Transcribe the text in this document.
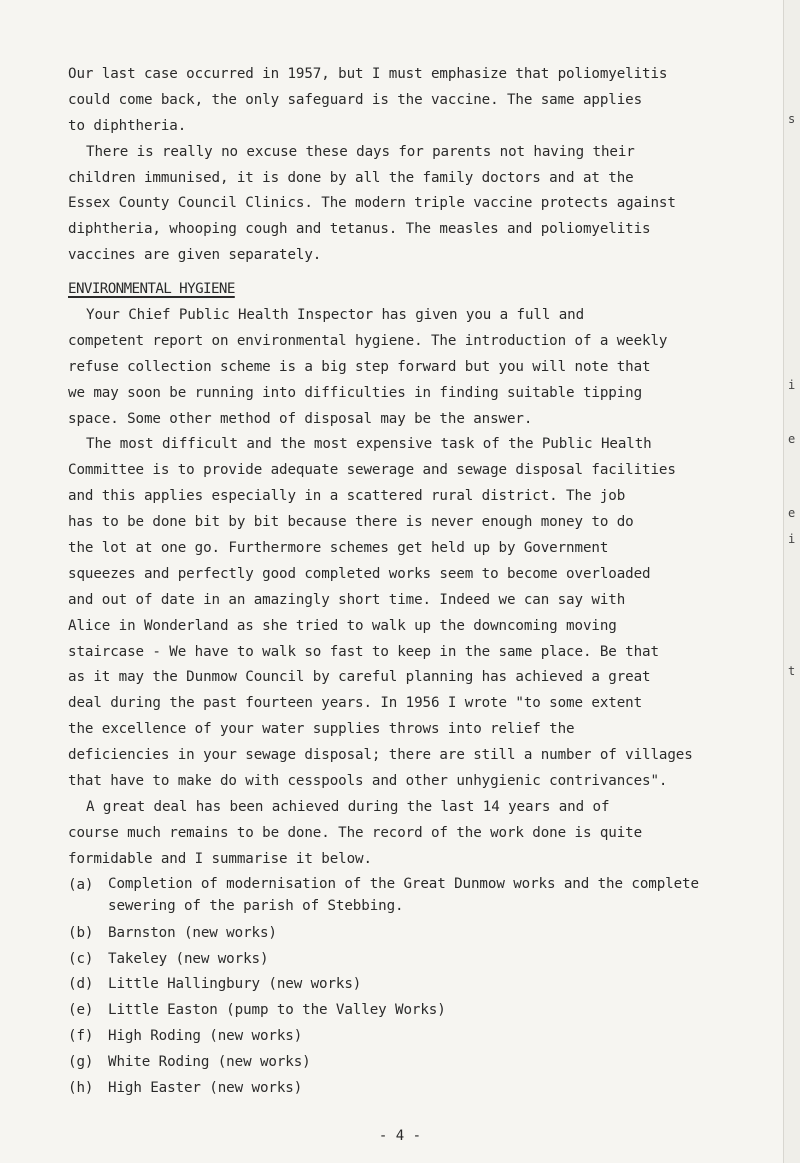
Our last case occurred in 1957, but I must emphasize that poliomyelitis
could come back, the only safeguard is the vaccine. The same applies
to diphtheria.
There is really no excuse these days for parents not having their
children immunised, it is done by all the family doctors and at the
Essex County Council Clinics. The modern triple vaccine protects against
diphtheria, whooping cough and tetanus. The measles and poliomyelitis
vaccines are given separately.
ENVIRONMENTAL HYGIENE
Your Chief Public Health Inspector has given you a full and
competent report on environmental hygiene. The introduction of a weekly
refuse collection scheme is a big step forward but you will note that
we may soon be running into difficulties in finding suitable tipping
space. Some other method of disposal may be the answer.
The most difficult and the most expensive task of the Public Health
Committee is to provide adequate sewerage and sewage disposal facilities
and this applies especially in a scattered rural district. The job
has to be done bit by bit because there is never enough money to do
the lot at one go. Furthermore schemes get held up by Government
squeezes and perfectly good completed works seem to become overloaded
and out of date in an amazingly short time. Indeed we can say with
Alice in Wonderland as she tried to walk up the downcoming moving
staircase - We have to walk so fast to keep in the same place. Be that
as it may the Dunmow Council by careful planning has achieved a great
deal during the past fourteen years. In 1956 I wrote "to some extent
the excellence of your water supplies throws into relief the
deficiencies in your sewage disposal; there are still a number of villages
that have to make do with cesspools and other unhygienic contrivances".
A great deal has been achieved during the last 14 years and of
course much remains to be done. The record of the work done is quite
formidable and I summarise it below.
(a)	Completion of modernisation of the Great Dunmow works and the complete sewering of the parish of Stebbing.
(b)	Barnston (new works)
(c)	Takeley (new works)
(d)	Little Hallingbury (new works)
(e)	Little Easton (pump to the Valley Works)
(f)	High Roding (new works)
(g)	White Roding (new works)
(h)	High Easter (new works)
- 4 -
s
i
e
e
i
t
